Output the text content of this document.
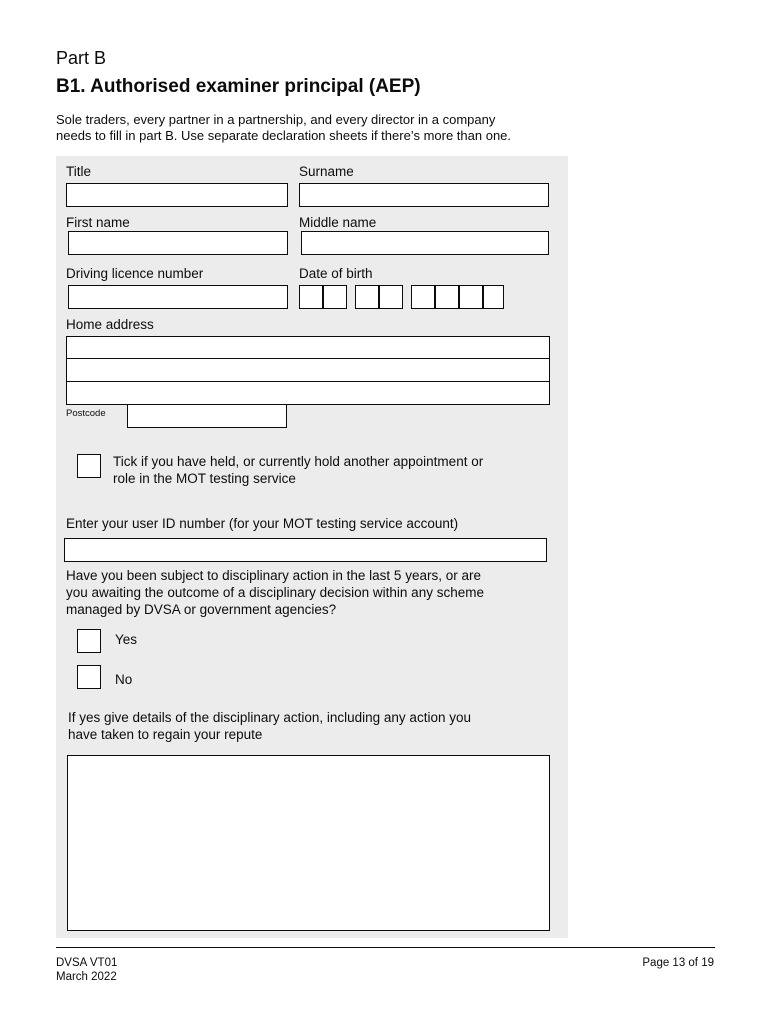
Part B
B1. Authorised examiner principal (AEP)
Sole traders, every partner in a partnership, and every director in a company
needs to fill in part B. Use separate declaration sheets if there’s more than one.
Title	Surname
First name	Middle name
Driving licence number	Date of birth
Home address
Postcode
Tick if you have held, or currently hold another appointment or
role in the MOT testing service
Enter your user ID number (for your MOT testing service account)
Have you been subject to disciplinary action in the last 5 years, or are
you awaiting the outcome of a disciplinary decision within any scheme
managed by DVSA or government agencies?
Yes
No
If yes give details of the disciplinary action, including any action you
have taken to regain your repute
DVSA VT01
March 2022
Page 13 of 19
